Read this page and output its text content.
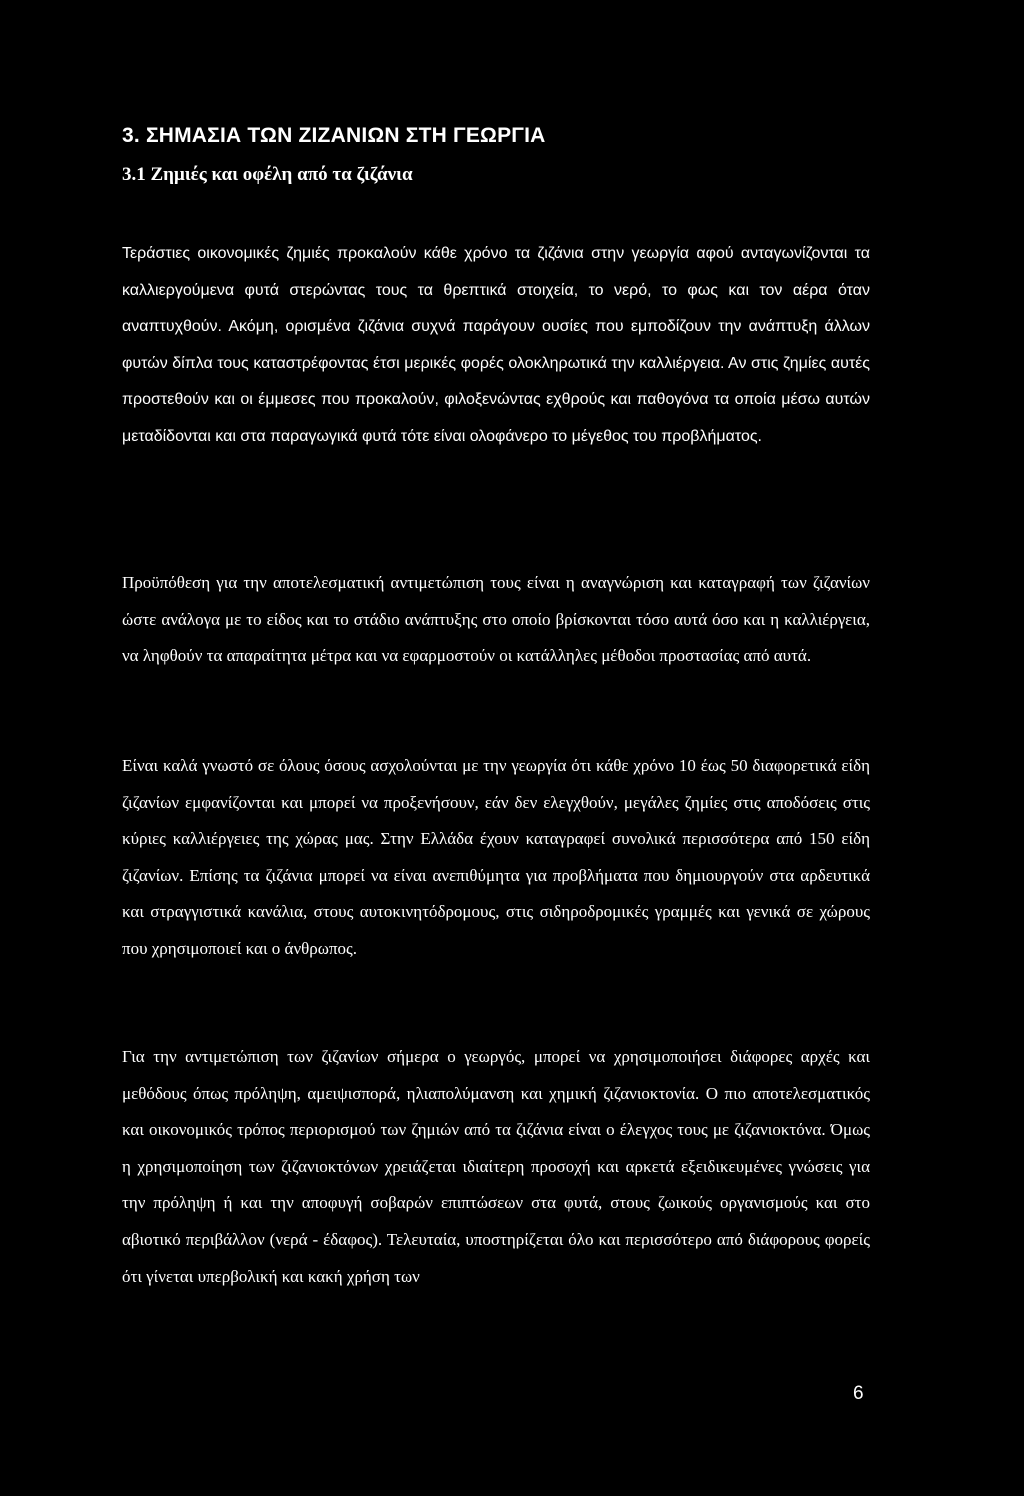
3. ΣΗΜΑΣΙΑ ΤΩΝ ΖΙΖΑΝΙΩΝ ΣΤΗ ΓΕΩΡΓΙΑ
3.1 Ζημιές και οφέλη από τα ζιζάνια

Τεράστιες οικονομικές ζημιές προκαλούν κάθε χρόνο τα ζιζάνια στην γεωργία αφού ανταγωνίζονται τα καλλιεργούμενα φυτά στερώντας τους τα θρεπτικά στοιχεία, το νερό, το φως και τον αέρα όταν αναπτυχθούν. Ακόμη, ορισμένα ζιζάνια συχνά παράγουν ουσίες που εμποδίζουν την ανάπτυξη άλλων φυτών δίπλα τους καταστρέφοντας έτσι μερικές φορές ολοκληρωτικά την καλλιέργεια. Αν στις ζημίες αυτές προστεθούν και οι έμμεσες που προκαλούν, φιλοξενώντας εχθρούς και παθογόνα τα οποία μέσω αυτών μεταδίδονται και στα παραγωγικά φυτά τότε είναι ολοφάνερο το μέγεθος του προβλήματος.

Προϋπόθεση για την αποτελεσματική αντιμετώπιση τους είναι η αναγνώριση και καταγραφή των ζιζανίων ώστε ανάλογα με το είδος και το στάδιο ανάπτυξης στο οποίο βρίσκονται τόσο αυτά όσο και η καλλιέργεια, να ληφθούν τα απαραίτητα μέτρα και να εφαρμοστούν οι κατάλληλες μέθοδοι προστασίας από αυτά.

Είναι καλά γνωστό σε όλους όσους ασχολούνται με την γεωργία ότι κάθε χρόνο 10 έως 50 διαφορετικά είδη ζιζανίων εμφανίζονται και μπορεί να προξενήσουν, εάν δεν ελεγχθούν, μεγάλες ζημίες στις αποδόσεις στις κύριες καλλιέργειες της χώρας μας. Στην Ελλάδα έχουν καταγραφεί συνολικά περισσότερα από 150 είδη ζιζανίων. Επίσης τα ζιζάνια μπορεί να είναι ανεπιθύμητα για προβλήματα που δημιουργούν στα αρδευτικά και στραγγιστικά κανάλια, στους αυτοκινητόδρομους, στις σιδηροδρομικές γραμμές και γενικά σε χώρους που χρησιμοποιεί και ο άνθρωπος.

Για την αντιμετώπιση των ζιζανίων σήμερα ο γεωργός, μπορεί να χρησιμοποιήσει διάφορες αρχές και μεθόδους όπως πρόληψη, αμειψισπορά, ηλιαπολύμανση και χημική ζιζανιοκτονία. Ο πιο αποτελεσματικός και οικονομικός τρόπος περιορισμού των ζημιών από τα ζιζάνια είναι ο έλεγχος τους με ζιζανιοκτόνα. Όμως η χρησιμοποίηση των ζιζανιοκτόνων χρειάζεται ιδιαίτερη προσοχή και αρκετά εξειδικευμένες γνώσεις για την πρόληψη ή και την αποφυγή σοβαρών επιπτώσεων στα φυτά, στους ζωικούς οργανισμούς και στο αβιοτικό περιβάλλον (νερά - έδαφος). Τελευταία, υποστηρίζεται όλο και περισσότερο από διάφορους φορείς ότι γίνεται υπερβολική και κακή χρήση των

6
